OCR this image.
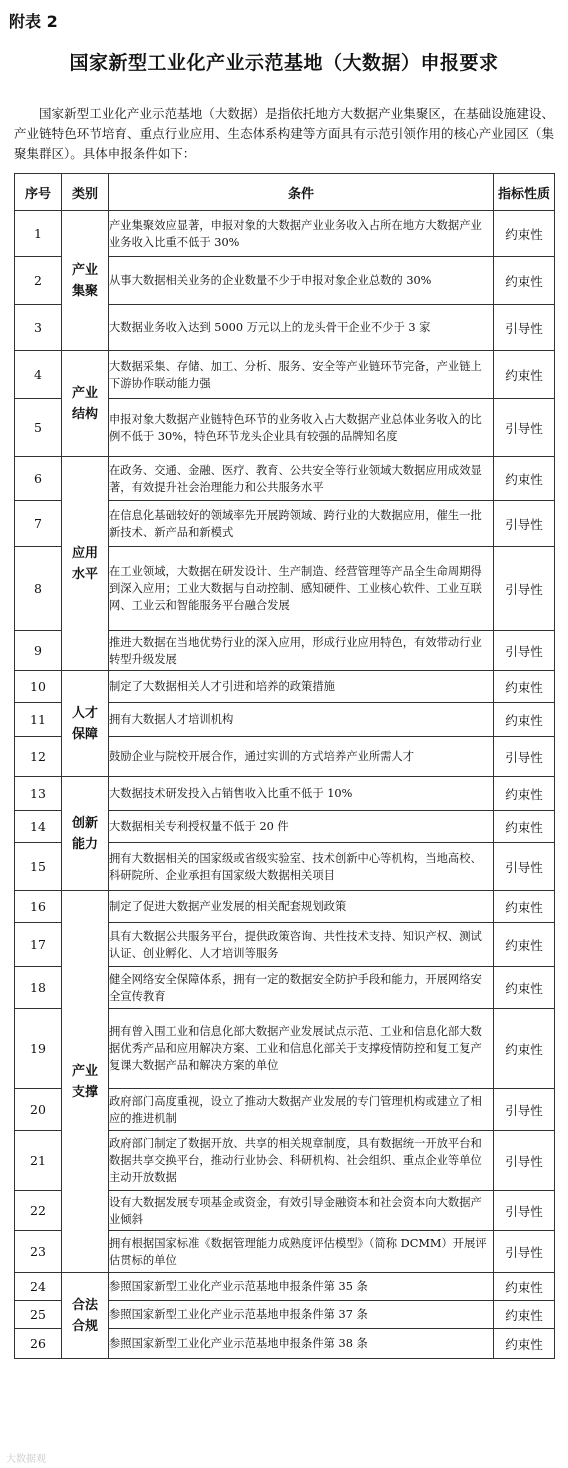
附表 2
国家新型工业化产业示范基地（大数据）申报要求
国家新型工业化产业示范基地（大数据）是指依托地方大数据产业集聚区，在基础设施建设、产业链特色环节培育、重点行业应用、生态体系构建等方面具有示范引领作用的核心产业园区（集聚集群区）。具体申报条件如下：
序号	类别	条件	指标性质
1	产业集聚	产业集聚效应显著，申报对象的大数据产业业务收入占所在地方大数据产业业务收入比重不低于 30%	约束性
2		从事大数据相关业务的企业数量不少于申报对象企业总数的 30%	约束性
3		大数据业务收入达到 5000 万元以上的龙头骨干企业不少于 3 家	引导性
4	产业结构	大数据采集、存储、加工、分析、服务、安全等产业链环节完备，产业链上下游协作联动能力强	约束性
5		申报对象大数据产业链特色环节的业务收入占大数据产业总体业务收入的比例不低于 30%，特色环节龙头企业具有较强的品牌知名度	引导性
6	应用水平	在政务、交通、金融、医疗、教育、公共安全等行业领域大数据应用成效显著，有效提升社会治理能力和公共服务水平	约束性
7		在信息化基础较好的领域率先开展跨领域、跨行业的大数据应用，催生一批新技术、新产品和新模式	引导性
8		在工业领域，大数据在研发设计、生产制造、经营管理等产品全生命周期得到深入应用；工业大数据与自动控制、感知硬件、工业核心软件、工业互联网、工业云和智能服务平台融合发展	引导性
9		推进大数据在当地优势行业的深入应用，形成行业应用特色，有效带动行业转型升级发展	引导性
10	人才保障	制定了大数据相关人才引进和培养的政策措施	约束性
11		拥有大数据人才培训机构	约束性
12		鼓励企业与院校开展合作，通过实训的方式培养产业所需人才	引导性
13	创新能力	大数据技术研发投入占销售收入比重不低于 10%	约束性
14		大数据相关专利授权量不低于 20 件	约束性
15		拥有大数据相关的国家级或省级实验室、技术创新中心等机构，当地高校、科研院所、企业承担有国家级大数据相关项目	引导性
16	产业支撑	制定了促进大数据产业发展的相关配套规划政策	约束性
17		具有大数据公共服务平台，提供政策咨询、共性技术支持、知识产权、测试认证、创业孵化、人才培训等服务	约束性
18		健全网络安全保障体系，拥有一定的数据安全防护手段和能力，开展网络安全宣传教育	约束性
19		拥有曾入围工业和信息化部大数据产业发展试点示范、工业和信息化部大数据优秀产品和应用解决方案、工业和信息化部关于支撑疫情防控和复工复产复课大数据产品和解决方案的单位	约束性
20		政府部门高度重视，设立了推动大数据产业发展的专门管理机构或建立了相应的推进机制	引导性
21		政府部门制定了数据开放、共享的相关规章制度，具有数据统一开放平台和数据共享交换平台，推动行业协会、科研机构、社会组织、重点企业等单位主动开放数据	引导性
22		设有大数据发展专项基金或资金，有效引导金融资本和社会资本向大数据产业倾斜	引导性
23		拥有根据国家标准《数据管理能力成熟度评估模型》（简称 DCMM）开展评估贯标的单位	引导性
24	合法合规	参照国家新型工业化产业示范基地申报条件第 35 条	约束性
25		参照国家新型工业化产业示范基地申报条件第 37 条	约束性
26		参照国家新型工业化产业示范基地申报条件第 38 条	约束性
大数据观
